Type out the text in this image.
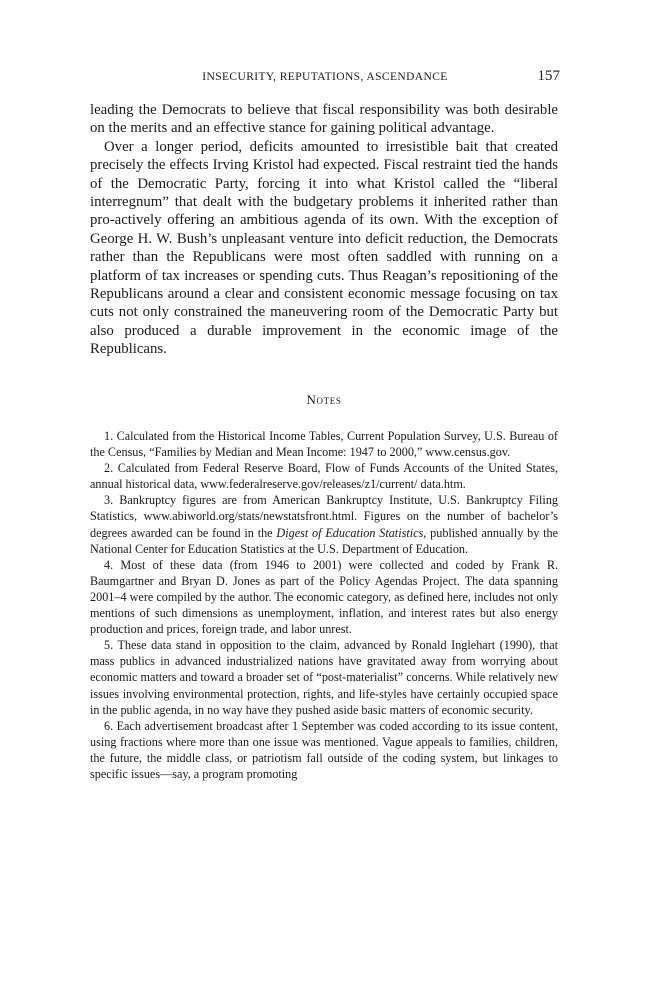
INSECURITY, REPUTATIONS, ASCENDANCE	157

leading the Democrats to believe that fiscal responsibility was both desirable on the merits and an effective stance for gaining political advantage.

Over a longer period, deficits amounted to irresistible bait that created precisely the effects Irving Kristol had expected. Fiscal restraint tied the hands of the Democratic Party, forcing it into what Kristol called the “liberal interregnum” that dealt with the budgetary problems it inherited rather than pro-actively offering an ambitious agenda of its own. With the exception of George H. W. Bush’s unpleasant venture into deficit reduction, the Democrats rather than the Republicans were most often saddled with running on a platform of tax increases or spending cuts. Thus Reagan’s repositioning of the Republicans around a clear and consistent economic message focusing on tax cuts not only constrained the maneuvering room of the Democratic Party but also produced a durable improvement in the economic image of the Republicans.

Notes

1. Calculated from the Historical Income Tables, Current Population Survey, U.S. Bureau of the Census, “Families by Median and Mean Income: 1947 to 2000,” www.census.gov.

2. Calculated from Federal Reserve Board, Flow of Funds Accounts of the United States, annual historical data, www.federalreserve.gov/releases/z1/current/ data.htm.

3. Bankruptcy figures are from American Bankruptcy Institute, U.S. Bankruptcy Filing Statistics, www.abiworld.org/stats/newstatsfront.html. Figures on the number of bachelor’s degrees awarded can be found in the Digest of Education Statistics, published annually by the National Center for Education Statistics at the U.S. Department of Education.

4. Most of these data (from 1946 to 2001) were collected and coded by Frank R. Baumgartner and Bryan D. Jones as part of the Policy Agendas Project. The data spanning 2001–4 were compiled by the author. The economic category, as defined here, includes not only mentions of such dimensions as unemployment, inflation, and interest rates but also energy production and prices, foreign trade, and labor unrest.

5. These data stand in opposition to the claim, advanced by Ronald Inglehart (1990), that mass publics in advanced industrialized nations have gravitated away from worrying about economic matters and toward a broader set of “post-materialist” concerns. While relatively new issues involving environmental protection, rights, and life-styles have certainly occupied space in the public agenda, in no way have they pushed aside basic matters of economic security.

6. Each advertisement broadcast after 1 September was coded according to its issue content, using fractions where more than one issue was mentioned. Vague appeals to families, children, the future, the middle class, or patriotism fall outside of the coding system, but linkages to specific issues—say, a program promoting
